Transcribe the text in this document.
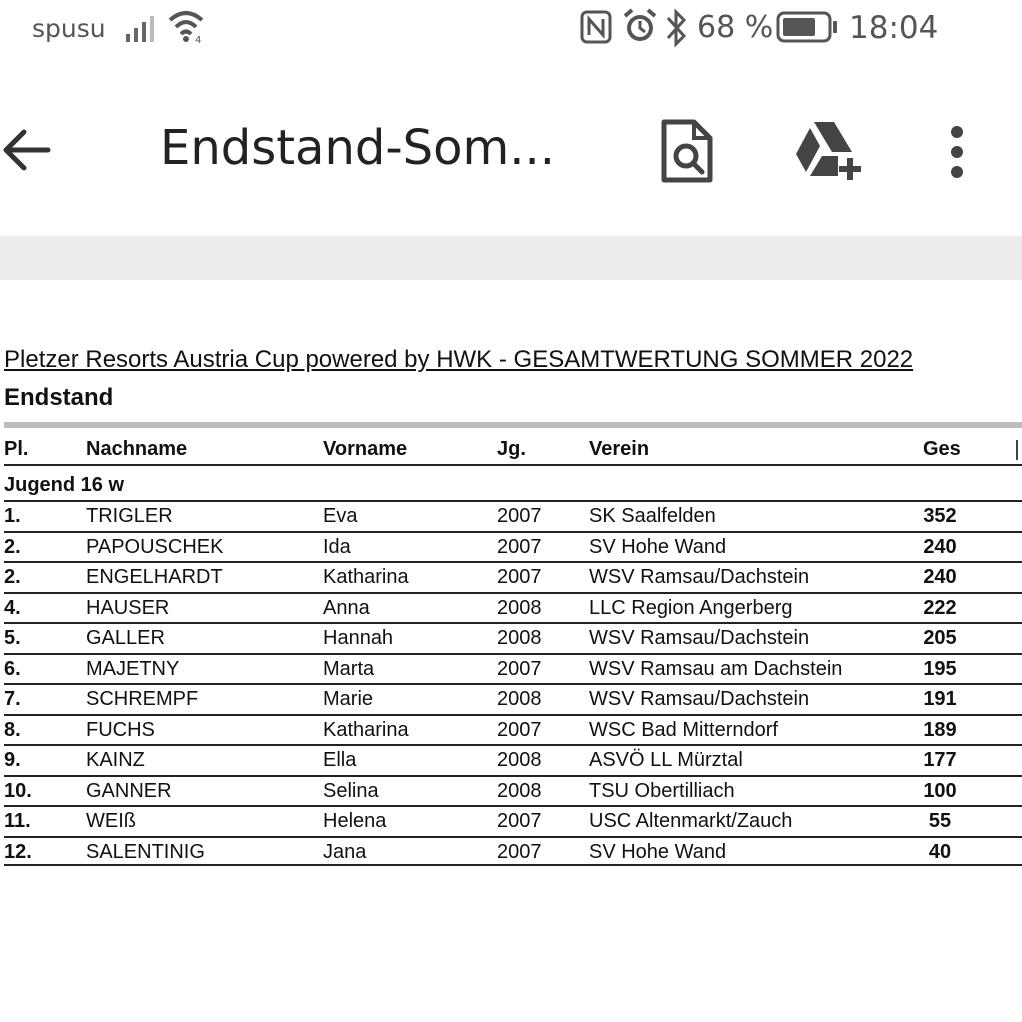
spusu	4	68 % 18:04
Endstand-Som...
Pletzer Resorts Austria Cup powered by HWK - GESAMTWERTUNG SOMMER 2022
Endstand
Pl.	Nachname	Vorname	Jg.	Verein	Ges
Jugend 16 w
1.	TRIGLER	Eva	2007 SK Saalfelden	352
2.	PAPOUSCHEK	Ida	2007 SV Hohe Wand	240
2.	ENGELHARDT	Katharina	2007 WSV Ramsau/Dachstein	240
4.	HAUSER	Anna	2008 LLC Region Angerberg	222
5.	GALLER	Hannah	2008 WSV Ramsau/Dachstein	205
6.	MAJETNY	Marta	2007 WSV Ramsau am Dachstein	195
7.	SCHREMPF	Marie	2008 WSV Ramsau/Dachstein	191
8.	FUCHS	Katharina	2007 WSC Bad Mitterndorf	189
9.	KAINZ	Ella	2008 ASVÖ LL Mürztal	177
10.	GANNER	Selina	2008 TSU Obertilliach	100
11.	WEIß	Helena	2007 USC Altenmarkt/Zauch	55
12.	SALENTINIG	Jana	2007 SV Hohe Wand	40
